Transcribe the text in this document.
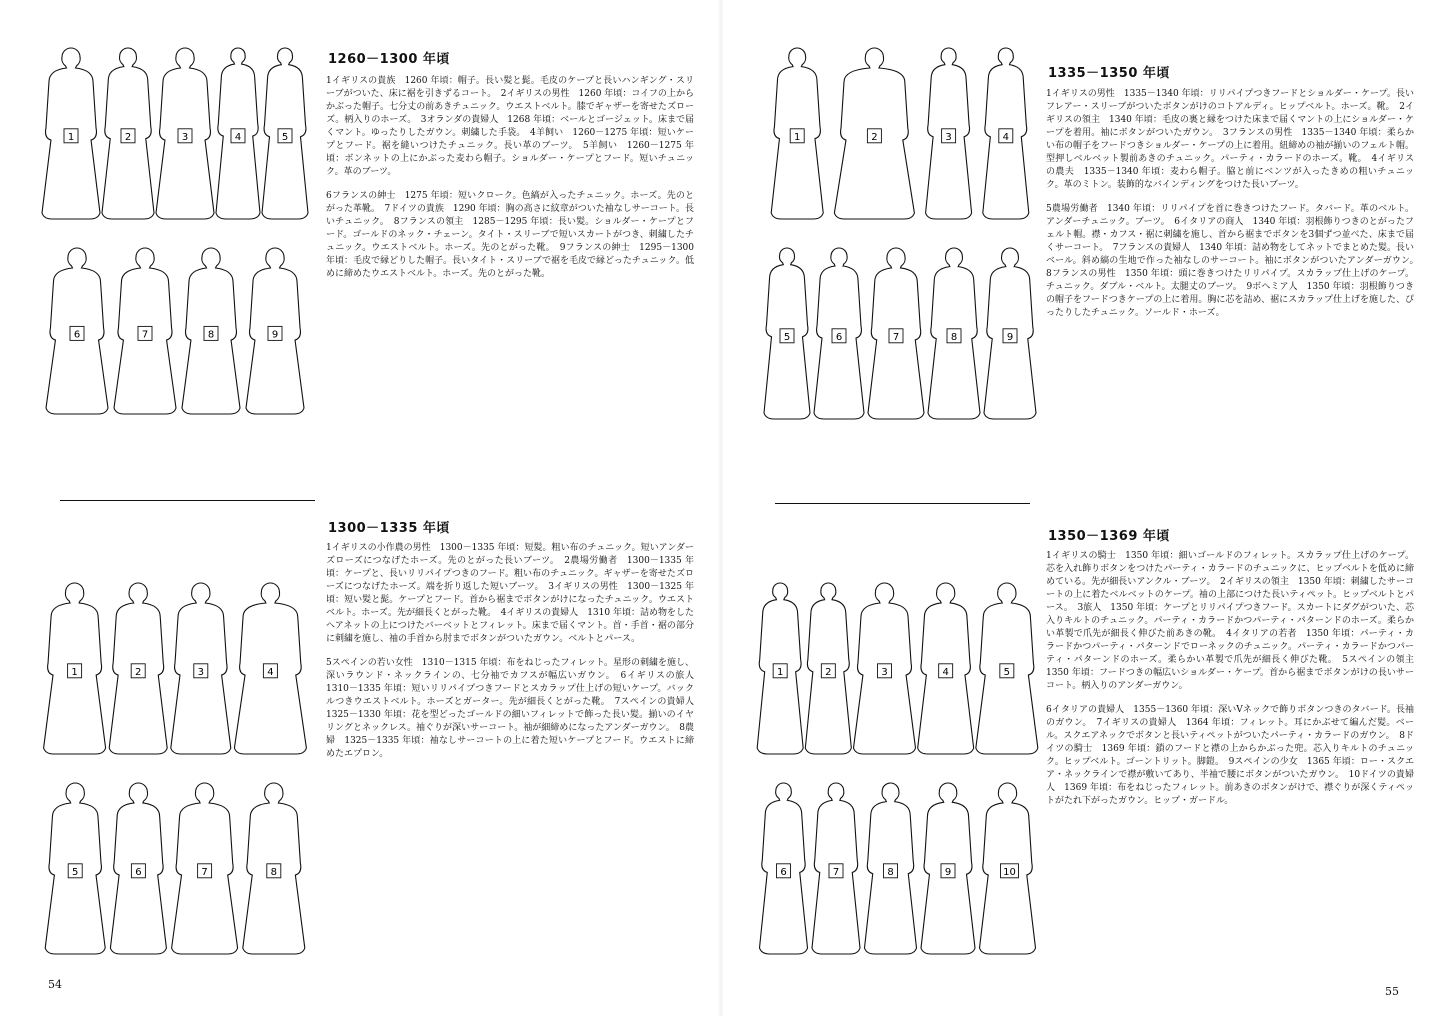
1	2	3	4	5
6	7	8	9
1260－1300 年頃

1イギリスの貴族　1260 年頃：帽子。長い髪と髭。毛皮のケープと長いハンギング・スリーブがついた、床に裾を引きずるコート。　2イギリスの男性　1260 年頃：コイフの上からかぶった帽子。七分丈の前あきチュニック。ウエストベルト。膝でギャザーを寄せたズローズ。柄入りのホーズ。　3オランダの貴婦人　1268 年頃：ベールとゴージェット。床まで届くマント。ゆったりしたガウン。刺繍した手袋。　4羊飼い　1260－1275 年頃：短いケープとフード。裾を縫いつけたチュニック。長い革のブーツ。　5羊飼い　1260－1275 年頃：ボンネットの上にかぶった麦わら帽子。ショルダー・ケープとフード。短いチュニック。革のブーツ。

6フランスの紳士　1275 年頃：短いクローク。色縞が入ったチュニック。ホーズ。先のとがった革靴。　7ドイツの貴族　1290 年頃：胸の高さに紋章がついた袖なしサーコート。長いチュニック。　8フランスの領主　1285－1295 年頃：長い髪。ショルダー・ケープとフード。ゴールドのネック・チェーン。タイト・スリーブで短いスカートがつき、刺繍したチュニック。ウエストベルト。ホーズ。先のとがった靴。　9フランスの紳士　1295－1300 年頃：毛皮で縁どりした帽子。長いタイト・スリーブで裾を毛皮で縁どったチュニック。低めに締めたウエストベルト。ホーズ。先のとがった靴。

1	2	3	4
5	6	7	8
1300－1335 年頃

1イギリスの小作農の男性　1300－1335 年頃：短髪。粗い布のチュニック。短いアンダーズローズにつなげたホーズ。先のとがった長いブーツ。　2農場労働者　1300－1335 年頃：ケープと、長いリリパイプつきのフード。粗い布のチュニック。ギャザーを寄せたズローズにつなげたホーズ。端を折り返した短いブーツ。　3イギリスの男性　1300－1325 年頃：短い髪と髭。ケープとフード。首から裾までボタンがけになったチュニック。ウエストベルト。ホーズ。先が細長くとがった靴。　4イギリスの貴婦人　1310 年頃：詰め物をしたヘアネットの上につけたバーベットとフィレット。床まで届くマント。首・手首・裾の部分に刺繍を施し、袖の手首から肘までボタンがついたガウン。ベルトとパース。

5スペインの若い女性　1310－1315 年頃：布をねじったフィレット。星形の刺繍を施し、深いラウンド・ネックラインの、七分袖でカフスが幅広いガウン。　6イギリスの旅人　1310－1335 年頃：短いリリパイプつきフードとスカラップ仕上げの短いケープ。バックルつきウエストベルト。ホーズとガーター。先が細長くとがった靴。　7スペインの貴婦人　1325－1330 年頃：花を型どったゴールドの細いフィレットで飾った長い髪。揃いのイヤリングとネックレス。袖ぐりが深いサーコート。袖が細締めになったアンダーガウン。　8農婦　1325－1335 年頃：袖なしサーコートの上に着た短いケープとフード。ウエストに締めたエプロン。

54
1	2	3	4
5	6	7	8	9
1335－1350 年頃

1イギリスの男性　1335－1340 年頃：リリパイプつきフードとショルダー・ケープ。長いフレアー・スリーブがついたボタンがけのコトアルディ。ヒップベルト。ホーズ。靴。　2イギリスの領主　1340 年頃：毛皮の裏と縁をつけた床まで届くマントの上にショルダー・ケープを着用。袖にボタンがついたガウン。　3フランスの男性　1335－1340 年頃：柔らかい布の帽子をフードつきショルダー・ケープの上に着用。紐締めの袖が揃いのフェルト帽。型押しベルベット製前あきのチュニック。パーティ・カラードのホーズ。靴。　4イギリスの農夫　1335－1340 年頃：麦わら帽子。脇と前にベンツが入ったきめの粗いチュニック。革のミトン。装飾的なバインディングをつけた長いブーツ。

5農場労働者　1340 年頃：リリパイプを首に巻きつけたフード。タバード。革のベルト。アンダーチュニック。ブーツ。　6イタリアの商人　1340 年頃：羽根飾りつきのとがったフェルト帽。襟・カフス・裾に刺繍を施し、首から裾までボタンを3個ずつ並べた、床まで届くサーコート。　7フランスの貴婦人　1340 年頃：詰め物をしてネットでまとめた髪。長いベール。斜め縞の生地で作った袖なしのサーコート。袖にボタンがついたアンダーガウン。　8フランスの男性　1350 年頃：頭に巻きつけたリリパイプ。スカラップ仕上げのケープ。チュニック。ダブル・ベルト。太腿丈のブーツ。　9ボヘミア人　1350 年頃：羽根飾りつきの帽子をフードつきケープの上に着用。胸に芯を詰め、裾にスカラップ仕上げを施した、ぴったりしたチュニック。ソールド・ホーズ。

1	2	3	4	5
6	7	8	9	10
1350－1369 年頃

1イギリスの騎士　1350 年頃：細いゴールドのフィレット。スカラップ仕上げのケープ。芯を入れ飾りボタンをつけたパーティ・カラードのチュニックに、ヒップベルトを低めに締めている。先が細長いアンクル・ブーツ。　2イギリスの領主　1350 年頃：刺繍したサーコートの上に着たベルベットのケープ。袖の上部につけた長いティペット。ヒップベルトとパース。　3旅人　1350 年頃：ケープとリリパイプつきフード。スカートにダグがついた、芯入りキルトのチュニック。パーティ・カラードかつパーティ・パターンドのホーズ。柔らかい革製で爪先が細長く伸びた前あきの靴。　4イタリアの若者　1350 年頃：パーティ・カラードかつパーティ・パターンドでローネックのチュニック。パーティ・カラードかつパーティ・パターンドのホーズ。柔らかい革製で爪先が細長く伸びた靴。　5スペインの領主　1350 年頃：フードつきの幅広いショルダー・ケープ。首から裾までボタンがけの長いサーコート。柄入りのアンダーガウン。

6イタリアの貴婦人　1355－1360 年頃：深いVネックで飾りボタンつきのタバード。長袖のガウン。　7イギリスの貴婦人　1364 年頃：フィレット。耳にかぶせて編んだ髪。ベール。スクエアネックでボタンと長いティペットがついたパーティ・カラードのガウン。　8ドイツの騎士　1369 年頃：鎖のフードと襟の上からかぶった兜。芯入りキルトのチュニック。ヒップベルト。ゴーントリット。脚鎧。　9スペインの少女　1365 年頃：ロー・スクエア・ネックラインで襟が敷いてあり、半袖で腰にボタンがついたガウン。　10ドイツの貴婦人　1369 年頃：布をねじったフィレット。前あきのボタンがけで、襟ぐりが深くティペットがたれ下がったガウン。ヒップ・ガードル。

55
